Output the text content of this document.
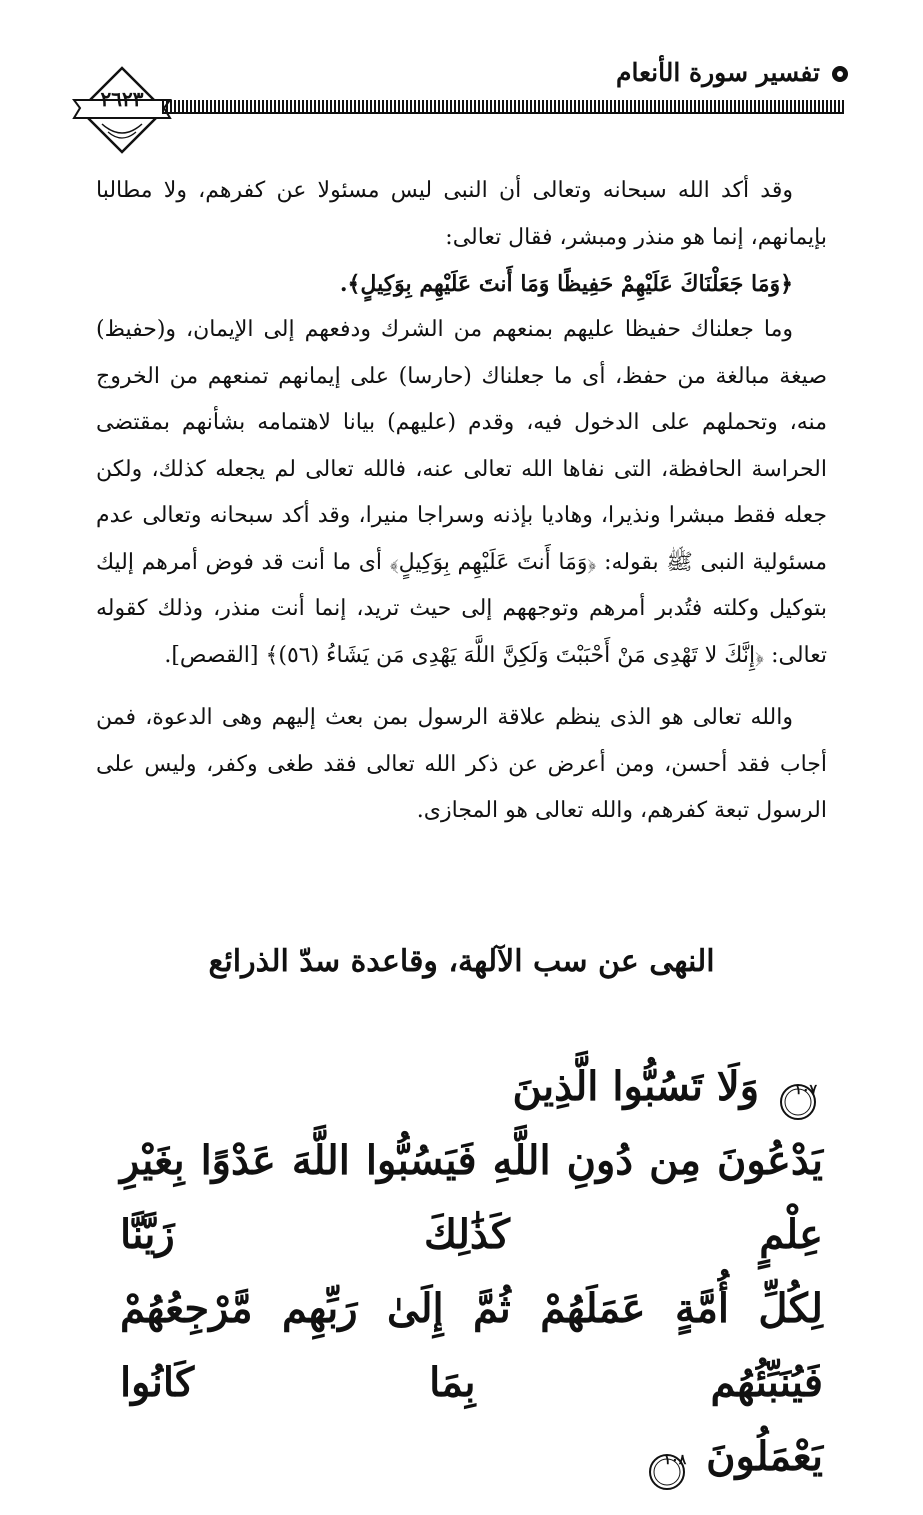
٢٦٢٣
تفسير سورة الأنعام

وقد أكد الله سبحانه وتعالى أن النبى ليس مسئولا عن كفرهم، ولا مطالبا بإيمانهم، إنما هو منذر ومبشر، فقال تعالى:

﴿وَمَا جَعَلْنَاكَ عَلَيْهِمْ حَفِيظًا وَمَا أَنتَ عَلَيْهِم بِوَكِيلٍ﴾.

وما جعلناك حفيظا عليهم بمنعهم من الشرك ودفعهم إلى الإيمان، و(حفيظ) صيغة مبالغة من حفظ، أى ما جعلناك (حارسا) على إيمانهم تمنعهم من الخروج منه، وتحملهم على الدخول فيه، وقدم (عليهم) بيانا لاهتمامه بشأنهم بمقتضى الحراسة الحافظة، التى نفاها الله تعالى عنه، فالله تعالى لم يجعله كذلك، ولكن جعله فقط مبشرا ونذيرا، وهاديا بإذنه وسراجا منيرا، وقد أكد سبحانه وتعالى عدم مسئولية النبى ﷺ بقوله: ﴿وَمَا أَنتَ عَلَيْهِم بِوَكِيلٍ﴾ أى ما أنت قد فوض أمرهم إليك بتوكيل وكلته فتُدبر أمرهم وتوجههم إلى حيث تريد، إنما أنت منذر، وذلك كقوله تعالى: ﴿إِنَّكَ لا تَهْدِى مَنْ أَحْبَبْتَ وَلَكِنَّ اللَّهَ يَهْدِى مَن يَشَاءُ (٥٦)﴾ [القصص].

والله تعالى هو الذى ينظم علاقة الرسول بمن بعث إليهم وهى الدعوة، فمن أجاب فقد أحسن، ومن أعرض عن ذكر الله تعالى فقد طغى وكفر، وليس على الرسول تبعة كفرهم، والله تعالى هو المجازى.

النهى عن سب الآلهة، وقاعدة سدّ الذرائع

١٠٧
وَلَا تَسُبُّوا الَّذِينَ

يَدْعُونَ مِن دُونِ اللَّهِ فَيَسُبُّوا اللَّهَ عَدْوًا بِغَيْرِ عِلْمٍ كَذَٰلِكَ زَيَّنَّا

لِكُلِّ أُمَّةٍ عَمَلَهُمْ ثُمَّ إِلَىٰ رَبِّهِم مَّرْجِعُهُمْ فَيُنَبِّئُهُم بِمَا كَانُوا

يَعْمَلُونَ
١٠٨
